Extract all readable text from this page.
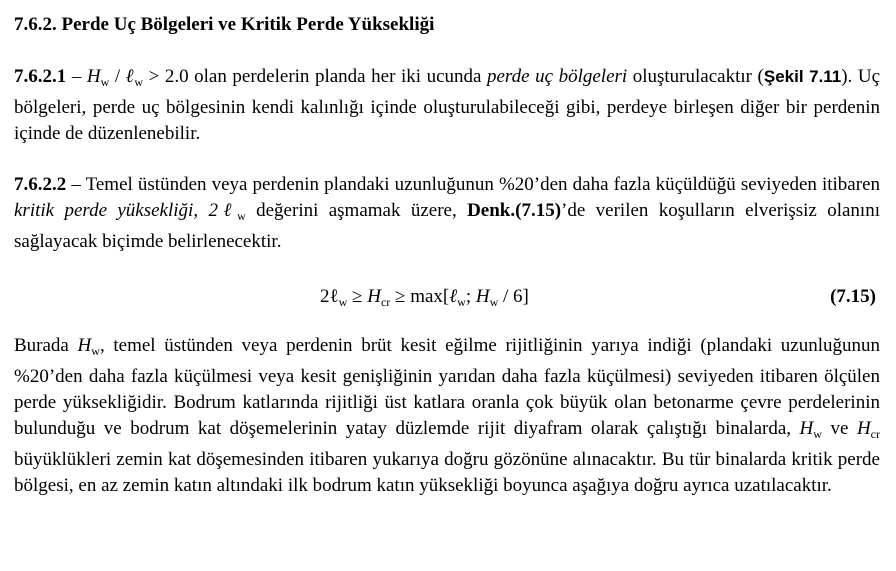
7.6.2. Perde Uç Bölgeleri ve Kritik Perde Yüksekliği

$7.6.2.1 - H_w$ / ℓ$_w$ > 2.0 olan perdelerin planda her iki ucunda perde uç bölgeleri oluşturulacaktır (Şekil 7.11). Uç bölgeleri, perde uç bölgesinin kendi kalınlığı içinde oluşturulabileceği gibi, perdeye birleşen diğer bir perdenin içinde de düzenlenebilir.

7.6.2.2 – Temel üstünden veya perdenin plandaki uzunluğunun %20’den daha fazla küçüldüğü seviyeden itibaren kritik perde yüksekliği, 2ℓ$_w$ değerini aşmamak üzere, Denk.(7.15)’de verilen koşulların elverişsiz olanını sağlayacak biçimde belirlenecektir.

2ℓ$_w$ ≥ $H_{cr}$ ≥ max[ℓ$_w$; $H_w / 6$]	(7.15)

Burada $H_w$, temel üstünden veya perdenin brüt kesit eğilme rijitliğinin yarıya indiği (plandaki uzunluğunun %20’den daha fazla küçülmesi veya kesit genişliğinin yarıdan daha fazla küçülmesi) seviyeden itibaren ölçülen perde yüksekliğidir. Bodrum katlarında rijitliği üst katlara oranla çok büyük olan betonarme çevre perdelerinin bulunduğu ve bodrum kat döşemelerinin yatay düzlemde rijit diyafram olarak çalıştığı binalarda, $H_w$ ve $H_{cr}$ büyüklükleri zemin kat döşemesinden itibaren yukarıya doğru gözönüne alınacaktır. Bu tür binalarda kritik perde bölgesi, en az zemin katın altındaki ilk bodrum katın yüksekliği boyunca aşağıya doğru ayrıca uzatılacaktır.
